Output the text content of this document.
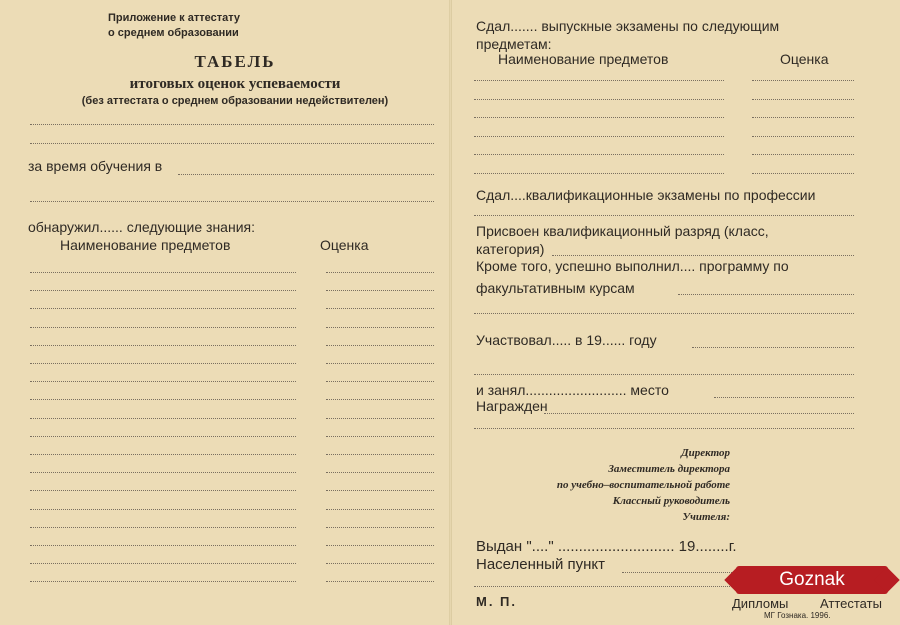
Приложение к аттестату
о среднем образовании
ТАБЕЛЬ
итоговых оценок успеваемости
(без аттестата о среднем образовании недействителен)
за время обучения в
обнаружил...... следующие знания:
Наименование предметов	Оценка
Сдал....... выпускные экзамены по следующим
предметам:
Наименование предметов	Оценка
Сдал....квалификационные экзамены по профессии
Присвоен квалификационный разряд (класс,
категория)
Кроме того, успешно выполнил.... программу по
факультативным курсам
Участвовал..... в 19...... году
и занял.......................... место
Награжден
Директор
Заместитель директора
по учебно–воспитательной работе
Классный руководитель
Учителя:
Выдан "...." ............................ 19........г.
Населенный пункт
М. П.	Дипломы Аттестаты
МГ Гознака. 1996.
Goznak
